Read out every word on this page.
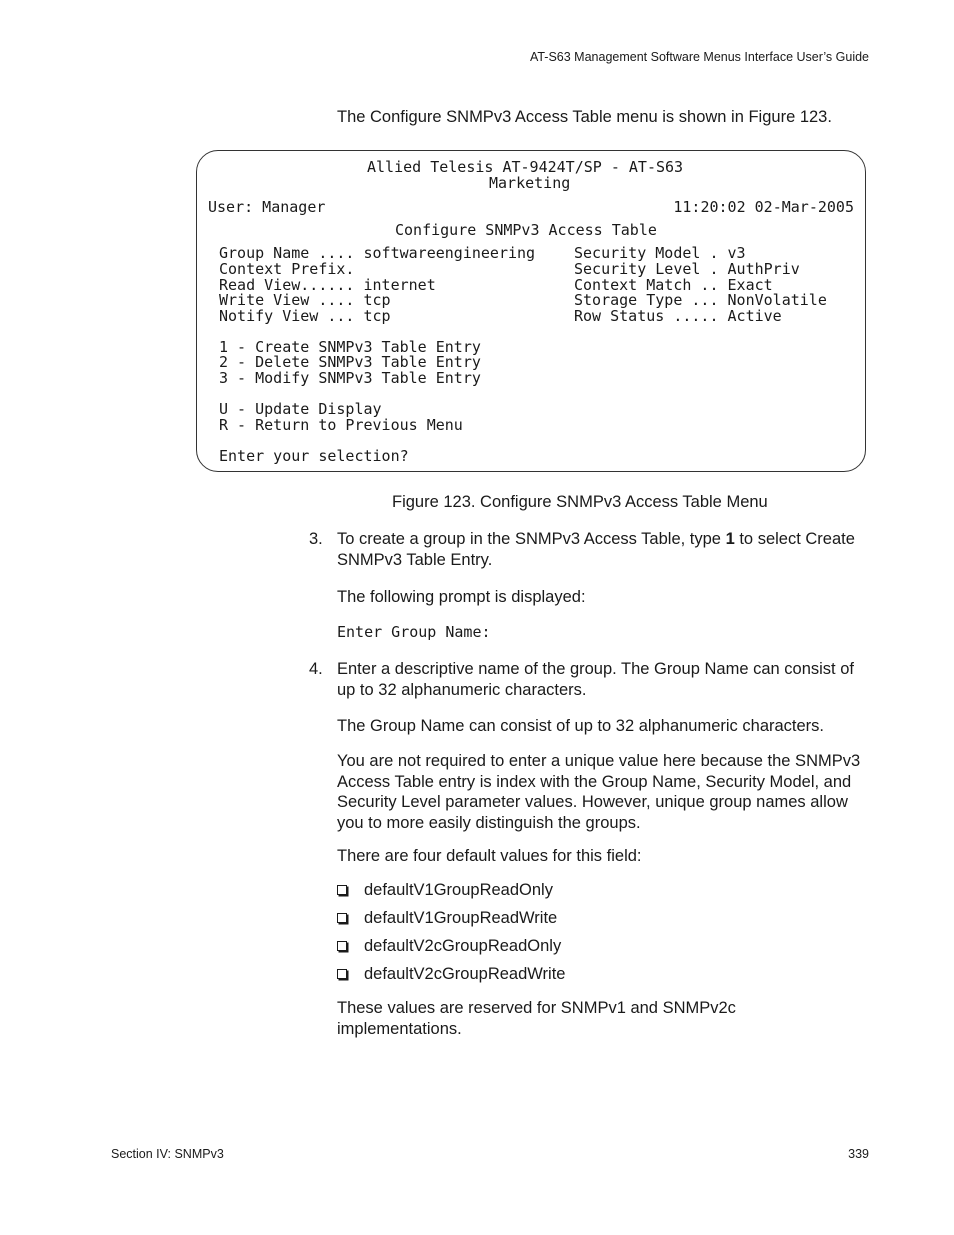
AT-S63 Management Software Menus Interface User’s Guide
The Configure SNMPv3 Access Table menu is shown in Figure 123.
Allied Telesis AT-9424T/SP - AT-S63
Marketing
User: Manager	11:20:02 02-Mar-2005
Configure SNMPv3 Access Table
Group Name .... softwareengineering
Context Prefix.
Read View...... internet
Write View .... tcp
Notify View ... tcp
Security Model . v3
Security Level . AuthPriv
Context Match .. Exact
Storage Type ... NonVolatile
Row Status ..... Active
1 - Create SNMPv3 Table Entry
2 - Delete SNMPv3 Table Entry
3 - Modify SNMPv3 Table Entry
U - Update Display
R - Return to Previous Menu
Enter your selection?
Figure 123. Configure SNMPv3 Access Table Menu
3. To create a group in the SNMPv3 Access Table, type 1 to select Create SNMPv3 Table Entry.
The following prompt is displayed:
Enter Group Name:
4. Enter a descriptive name of the group. The Group Name can consist of up to 32 alphanumeric characters.
The Group Name can consist of up to 32 alphanumeric characters.
You are not required to enter a unique value here because the SNMPv3 Access Table entry is index with the Group Name, Security Model, and Security Level parameter values. However, unique group names allow you to more easily distinguish the groups.
There are four default values for this field:
defaultV1GroupReadOnly
defaultV1GroupReadWrite
defaultV2cGroupReadOnly
defaultV2cGroupReadWrite
These values are reserved for SNMPv1 and SNMPv2c implementations.
Section IV: SNMPv3	339
